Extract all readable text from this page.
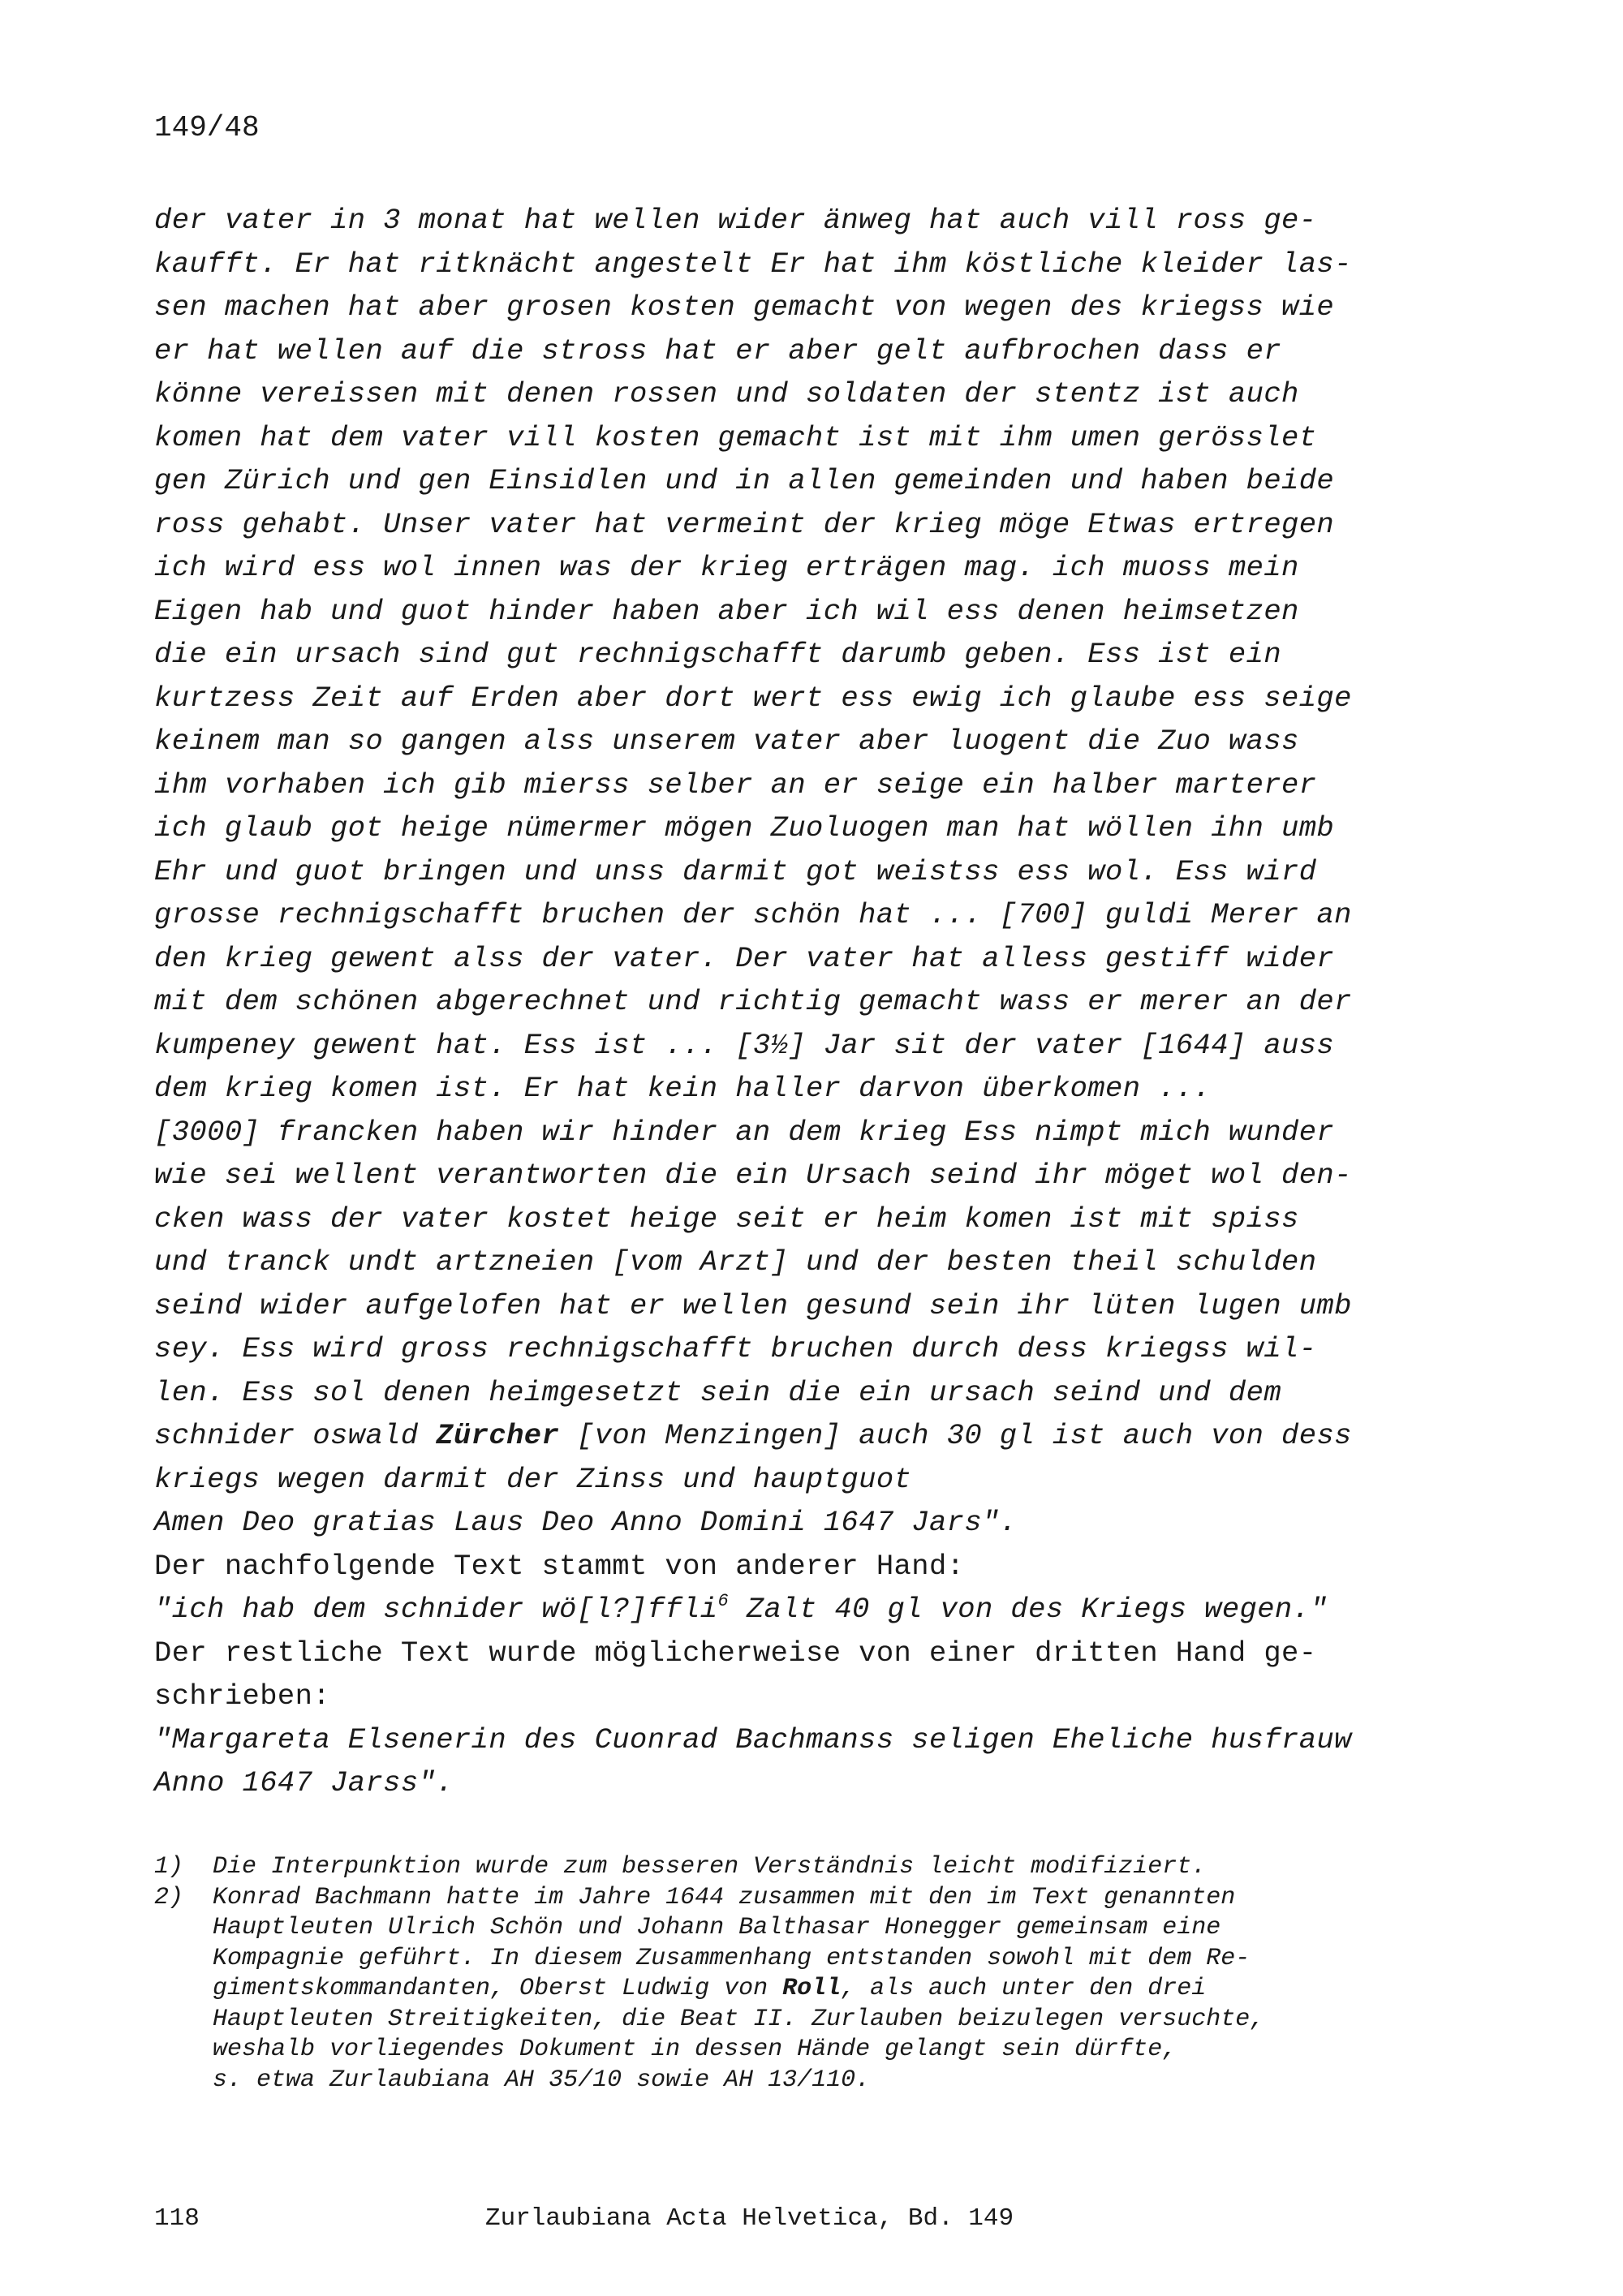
149/48

der vater in 3 monat hat wellen wider änweg hat auch vill ross ge-
kaufft. Er hat ritknächt angestelt Er hat ihm köstliche kleider las-
sen machen hat aber grosen kosten gemacht von wegen des kriegss wie
er hat wellen auf die stross hat er aber gelt aufbrochen dass er
könne vereissen mit denen rossen und soldaten der stentz ist auch
komen hat dem vater vill kosten gemacht ist mit ihm umen gerösslet
gen Zürich und gen Einsidlen und in allen gemeinden und haben beide
ross gehabt. Unser vater hat vermeint der krieg möge Etwas ertregen
ich wird ess wol innen was der krieg erträgen mag. ich muoss mein
Eigen hab und guot hinder haben aber ich wil ess denen heimsetzen
die ein ursach sind gut rechnigschafft darumb geben. Ess ist ein
kurtzess Zeit auf Erden aber dort wert ess ewig ich glaube ess seige
keinem man so gangen alss unserem vater aber luogent die Zuo wass
ihm vorhaben ich gib mierss selber an er seige ein halber marterer
ich glaub got heige nümermer mögen Zuoluogen man hat wöllen ihn umb
Ehr und guot bringen und unss darmit got weistss ess wol. Ess wird
grosse rechnigschafft bruchen der schön hat ... [700] guldi Merer an
den krieg gewent alss der vater. Der vater hat alless gestiff wider
mit dem schönen abgerechnet und richtig gemacht wass er merer an der
kumpeney gewent hat. Ess ist ... [3½] Jar sit der vater [1644] auss
dem krieg komen ist. Er hat kein haller darvon überkomen ...
[3000] francken haben wir hinder an dem krieg Ess nimpt mich wunder
wie sei wellent verantworten die ein Ursach seind ihr möget wol den-
cken wass der vater kostet heige seit er heim komen ist mit spiss
und tranck undt artzneien [vom Arzt] und der besten theil schulden
seind wider aufgelofen hat er wellen gesund sein ihr lüten lugen umb
sey. Ess wird gross rechnigschafft bruchen durch dess kriegss wil-
len. Ess sol denen heimgesetzt sein die ein ursach seind und dem
schnider oswald Zürcher [von Menzingen] auch 30 gl ist auch von dess
kriegs wegen darmit der Zinss und hauptguot
Amen Deo gratias Laus Deo Anno Domini 1647 Jars".
Der nachfolgende Text stammt von anderer Hand:
"ich hab dem schnider wö[l?]ffli$^6$ Zalt 40 gl von des Kriegs wegen."
Der restliche Text wurde möglicherweise von einer dritten Hand ge-
schrieben:
"Margareta Elsenerin des Cuonrad Bachmanss seligen Eheliche husfrauw
Anno 1647 Jarss".
1) Die Interpunktion wurde zum besseren Verständnis leicht modifiziert.
2) Konrad Bachmann hatte im Jahre 1644 zusammen mit den im Text genannten
Hauptleuten Ulrich Schön und Johann Balthasar Honegger gemeinsam eine
Kompagnie geführt. In diesem Zusammenhang entstanden sowohl mit dem Re-
gimentskommandanten, Oberst Ludwig von Roll, als auch unter den drei
Hauptleuten Streitigkeiten, die Beat II. Zurlauben beizulegen versuchte,
weshalb vorliegendes Dokument in dessen Hände gelangt sein dürfte,
s. etwa Zurlaubiana AH 35/10 sowie AH 13/110.

118	Zurlaubiana Acta Helvetica, Bd. 149
